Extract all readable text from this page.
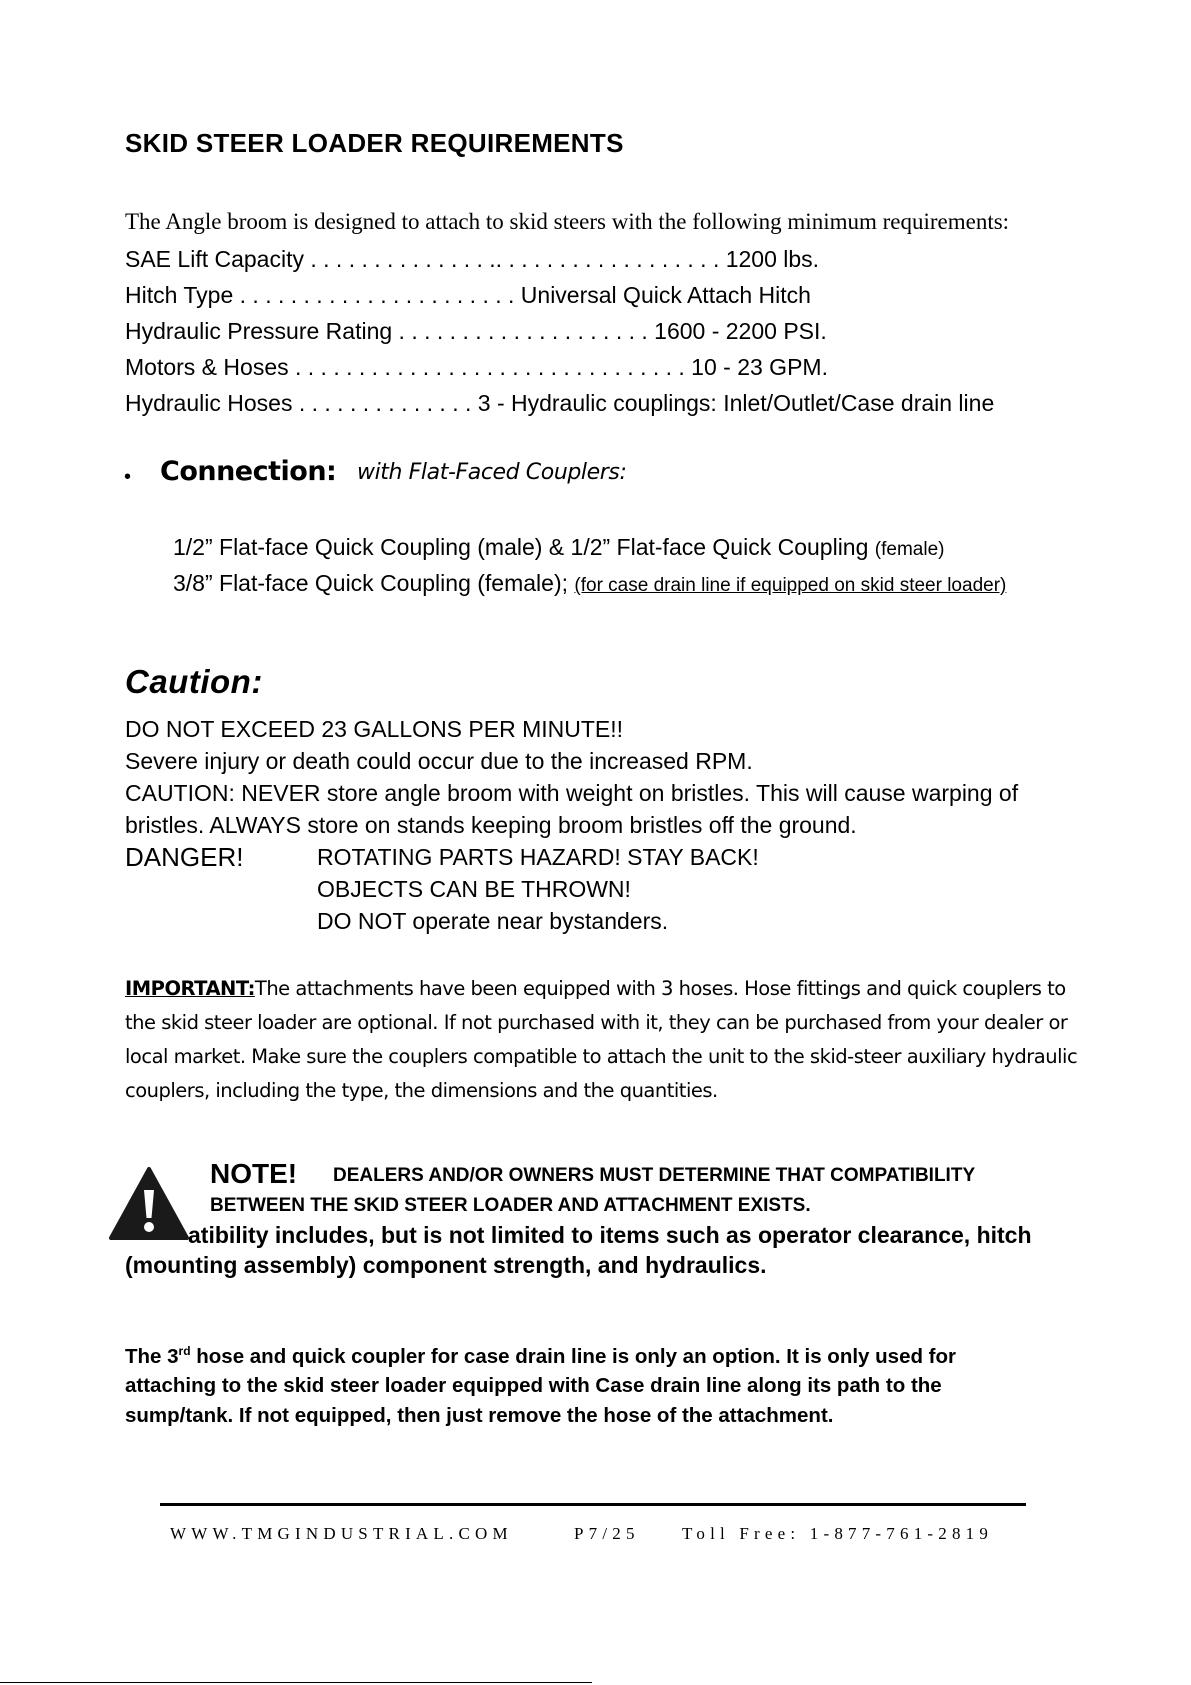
SKID STEER LOADER REQUIREMENTS
The Angle broom is designed to attach to skid steers with the following minimum requirements:
SAE Lift Capacity . . . . . . . . . . . . . . .. . . . . . . . . . . . . . . . . . 1200 lbs.
Hitch Type . . . . . . . . . . . . . . . . . . . . . . Universal Quick Attach Hitch
Hydraulic Pressure Rating . . . . . . . . . . . . . . . . . . . . 1600 - 2200 PSI.
Motors & Hoses . . . . . . . . . . . . . . . . . . . . . . . . . . . . . . . 10 - 23 GPM.
Hydraulic Hoses . . . . . . . . . . . . . . 3 - Hydraulic couplings: Inlet/Outlet/Case drain line
• Connection: with Flat-Faced Couplers:
1/2” Flat-face Quick Coupling (male) & 1/2” Flat-face Quick Coupling (female)
3/8” Flat-face Quick Coupling (female); (for case drain line if equipped on skid steer loader)
Caution:
DO NOT EXCEED 23 GALLONS PER MINUTE!!
Severe injury or death could occur due to the increased RPM.
CAUTION: NEVER store angle broom with weight on bristles. This will cause warping of
bristles. ALWAYS store on stands keeping broom bristles off the ground.
DANGER!	ROTATING PARTS HAZARD! STAY BACK!
OBJECTS CAN BE THROWN!
DO NOT operate near bystanders.
IMPORTANT:The attachments have been equipped with 3 hoses. Hose fittings and quick couplers to the skid steer loader are optional. If not purchased with it, they can be purchased from your dealer or local market. Make sure the couplers compatible to attach the unit to the skid-steer auxiliary hydraulic couplers, including the type, the dimensions and the quantities.
NOTE! DEALERS AND/OR OWNERS MUST DETERMINE THAT COMPATIBILITY
BETWEEN THE SKID STEER LOADER AND ATTACHMENT EXISTS.
atibility includes, but is not limited to items such as operator clearance, hitch
(mounting assembly) component strength, and hydraulics.
The 3rd hose and quick coupler for case drain line is only an option. It is only used for
attaching to the skid steer loader equipped with Case drain line along its path to the
sump/tank. If not equipped, then just remove the hose of the attachment.
WWW.TMGINDUSTRIAL.COM	P7/25 Toll Free: 1-877-761-2819
